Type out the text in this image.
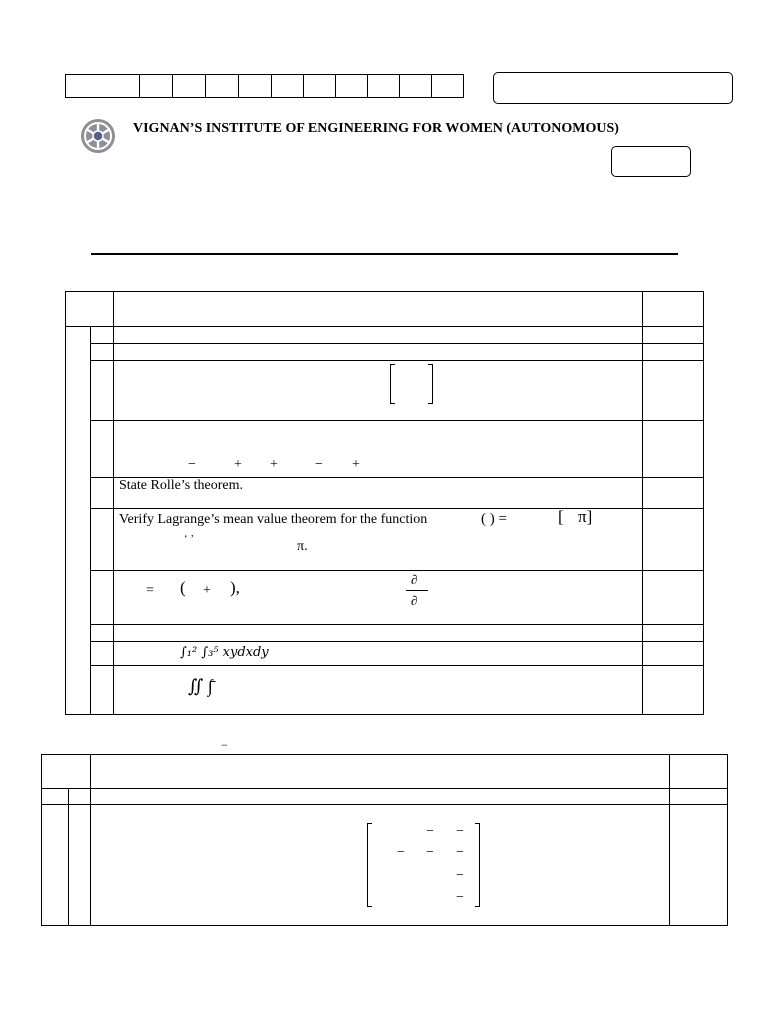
VIGNAN’S INSTITUTE OF ENGINEERING FOR WOMEN (AUTONOMOUS)
−	+ +	− +
State Rolle’s theorem.
Verify Lagrange’s mean value theorem for the function	( ) =	[ π]
‘ ’	π.
= ( + ),	∂
∂
∫₁² ∫₃⁵ xydxdy
∬ ∫̄
−
− −
− − −
−
−
